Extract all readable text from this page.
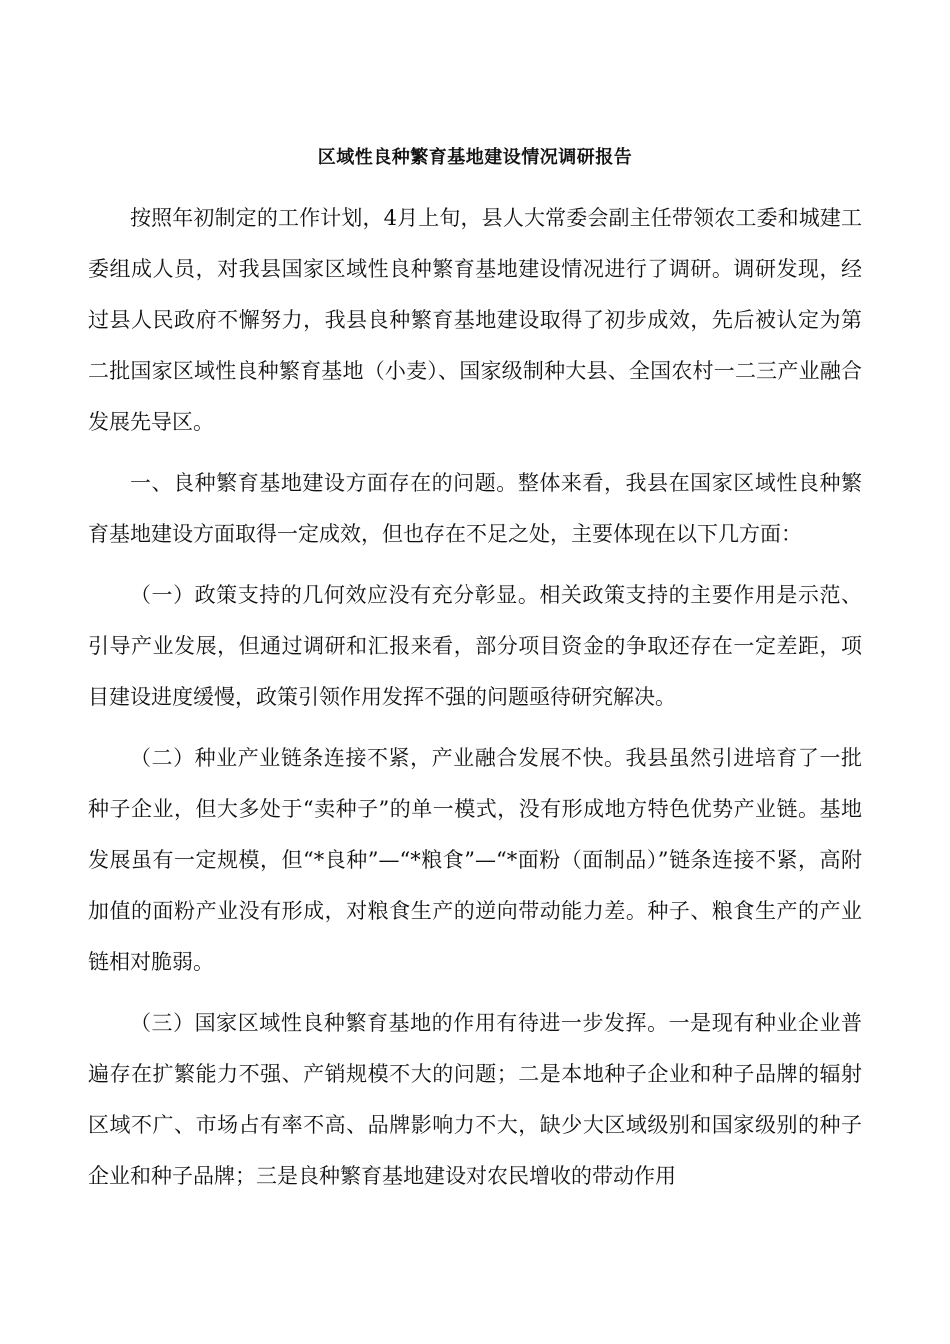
区域性良种繁育基地建设情况调研报告

按照年初制定的工作计划，4月上旬，县人大常委会副主任带领农工委和城建工委组成人员，对我县国家区域性良种繁育基地建设情况进行了调研。调研发现，经过县人民政府不懈努力，我县良种繁育基地建设取得了初步成效，先后被认定为第二批国家区域性良种繁育基地（小麦）、国家级制种大县、全国农村一二三产业融合发展先导区。

一、良种繁育基地建设方面存在的问题。整体来看，我县在国家区域性良种繁育基地建设方面取得一定成效，但也存在不足之处，主要体现在以下几方面：

（一）政策支持的几何效应没有充分彰显。相关政策支持的主要作用是示范、引导产业发展，但通过调研和汇报来看，部分项目资金的争取还存在一定差距，项目建设进度缓慢，政策引领作用发挥不强的问题亟待研究解决。

（二）种业产业链条连接不紧，产业融合发展不快。我县虽然引进培育了一批种子企业，但大多处于“卖种子”的单一模式，没有形成地方特色优势产业链。基地发展虽有一定规模，但“*良种”—“*粮食”—“*面粉（面制品）”链条连接不紧，高附加值的面粉产业没有形成，对粮食生产的逆向带动能力差。种子、粮食生产的产业链相对脆弱。

（三）国家区域性良种繁育基地的作用有待进一步发挥。一是现有种业企业普遍存在扩繁能力不强、产销规模不大的问题；二是本地种子企业和种子品牌的辐射区域不广、市场占有率不高、品牌影响力不大，缺少大区域级别和国家级别的种子企业和种子品牌；三是良种繁育基地建设对农民增收的带动作用
